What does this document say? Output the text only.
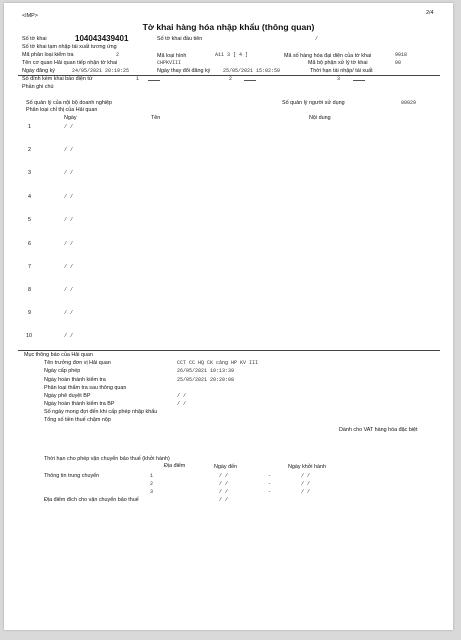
<IMP>	2/4
Tờ khai hàng hóa nhập khẩu (thông quan)
Số tờ khai	104043439401	Số tờ khai đầu tiên	/
Số tờ khai tạm nhập tái xuất tương ứng
Mã phân loại kiểm tra	2	Mã loại hình	A11 3 [ 4 ]	Mã số hàng hóa đại diện của tờ khai	9018
Tên cơ quan Hải quan tiếp nhận tờ khai	CHPKVIII	Mã bộ phận xử lý tờ khai	00
Ngày đăng ký	24/05/2021 20:19:25	Ngày thay đổi đăng ký	25/05/2021 15:02:50	Thời hạn tái nhập/ tái xuất
Số đính kèm khai báo điện tử	1	2	3
Phần ghi chú
Số quản lý của nội bộ doanh nghiệp	Số quản lý người sử dụng	00029
Phân loại chỉ thị của Hải quan
Ngày	Tên	Nội dung
1	/ /
2	/ /
3	/ /
4	/ /
5	/ /
6	/ /
7	/ /
8	/ /
9	/ /
10	/ /
Mục thông báo của Hải quan
Tên trưởng đơn vị Hải quan	CCT CC HQ CK cảng HP KV III
Ngày cấp phép	26/05/2021 10:13:39
Ngày hoàn thành kiểm tra	25/05/2021 20:20:08
Phân loại thẩm tra sau thông quan
Ngày phê duyệt BP	/ /
Ngày hoàn thành kiểm tra BP	/ /
Số ngày mong đợi đến khi cấp phép nhập khẩu
Tổng số tiền thuế chậm nộp
Dành cho VAT hàng hóa đặc biệt
Thời hạn cho phép vận chuyển bảo thuế (khởi hành)
Địa điểm	Ngày đến	Ngày khởi hành
Thông tin trung chuyển	1	/ /	-	/ /
2	/ /	-	/ /
3	/ /	-	/ /
Địa điểm đích cho vận chuyển bảo thuế	/ /
